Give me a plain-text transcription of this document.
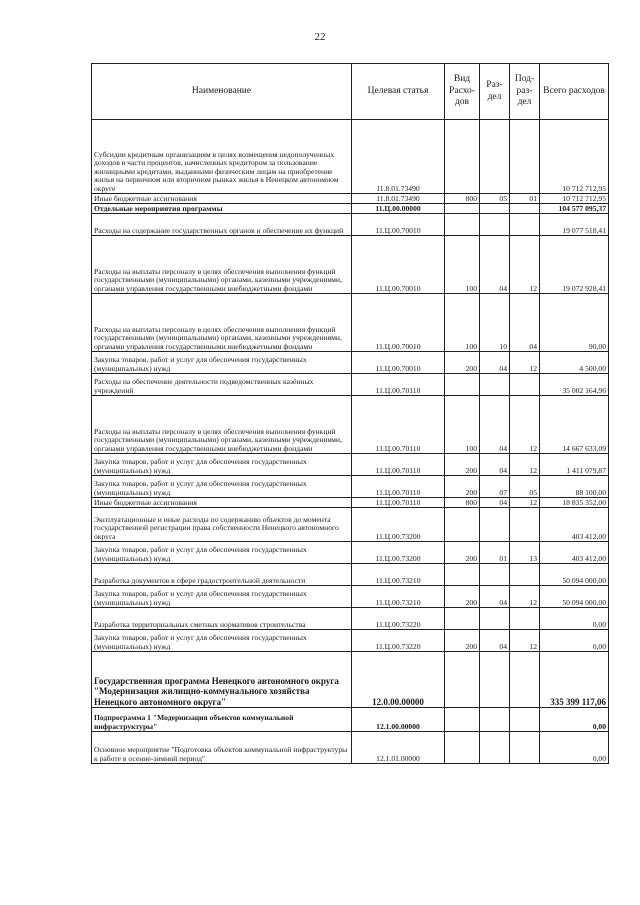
22
Наименование	Целевая статья	Вид Расхо-дов	Раз-дел	Под-раз-дел	Всего расходов
Субсидии кредитным организациям в целях возмещения недополученных доходов в части процентов, начисленных кредитором за пользование жилищными кредитами, выданными физическим лицам на приобретение жилья на первичном или вторичном рынках жилья в Ненецком автономном округе	11.8.01.73490				10 712 712,95
Иные бюджетные ассигнования	11.8.01.73490	800	05	01	10 712 712,95
Отдельные мероприятия программы	11.Ц.00.00000				104 577 095,37
Расходы на содержание государственных органов и обеспечение их функций	11.Ц.00.70010				19 077 518,41
Расходы на выплаты персоналу в целях обеспечения выполнения функций государственными (муниципальными) органами, казенными учреждениями, органами управления государственными внебюджетными фондами	11.Ц.00.70010	100	04	12	19 072 928,41
Расходы на выплаты персоналу в целях обеспечения выполнения функций государственными (муниципальными) органами, казенными учреждениями, органами управления государственными внебюджетными фондами	11.Ц.00.70010	100	10	04	90,00
Закупка товаров, работ и услуг для обеспечения государственных (муниципальных) нужд	11.Ц.00.70010	200	04	12	4 500,00
Расходы на обеспечение деятельности подведомственных казённых учреждений	11.Ц.00.70110				35 002 164,96
Расходы на выплаты персоналу в целях обеспечения выполнения функций государственными (муниципальными) органами, казенными учреждениями, органами управления государственными внебюджетными фондами	11.Ц.00.70110	100	04	12	14 667 633,09
Закупка товаров, работ и услуг для обеспечения государственных (муниципальных) нужд	11.Ц.00.70110	200	04	12	1 411 079,87
Закупка товаров, работ и услуг для обеспечения государственных (муниципальных) нужд	11.Ц.00.70110	200	07	05	88 100,00
Иные бюджетные ассигнования	11.Ц.00.70110	800	04	12	18 835 352,00
Эксплуатационные и иные расходы по содержанию объектов до момента государственной регистрации права собственности Ненецкого автономного округа	11.Ц.00.73200				403 412,00
Закупка товаров, работ и услуг для обеспечения государственных (муниципальных) нужд	11.Ц.00.73200	200	01	13	403 412,00
Разработка документов в сфере градостроительной деятельности	11.Ц.00.73210				50 094 000,00
Закупка товаров, работ и услуг для обеспечения государственных (муниципальных) нужд	11.Ц.00.73210	200	04	12	50 094 000,00
Разработка территориальных сметных нормативов строительства	11.Ц.00.73220				0,00
Закупка товаров, работ и услуг для обеспечения государственных (муниципальных) нужд	11.Ц.00.73220	200	04	12	0,00
Государственная программа Ненецкого автономного округа "Модернизация жилищно-коммунального хозяйства Ненецкого автономного округа"	12.0.00.00000				335 399 117,06
Подпрограмма 1 "Модернизация объектов коммунальной инфраструктуры"	12.1.00.00000				0,00
Основное мероприятие "Подготовка объектов коммунальной инфраструктуры к работе в осенне-зимний период"	12.1.01.00000				0,00
